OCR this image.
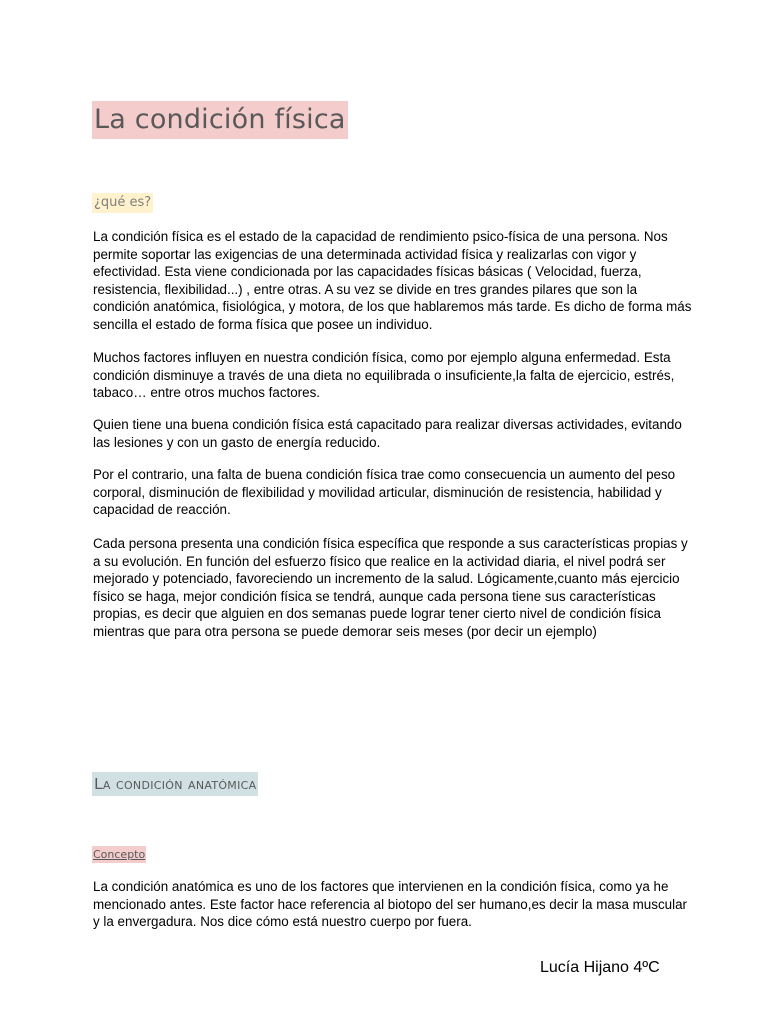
La condición física
¿qué es?

La condición física es el estado de la capacidad de rendimiento psico-física de una persona. Nos permite soportar las exigencias de una determinada actividad física y realizarlas con vigor y efectividad. Esta viene condicionada por las capacidades físicas básicas ( Velocidad, fuerza, resistencia, flexibilidad...) , entre otras. A su vez se divide en tres grandes pilares que son la condición anatómica, fisiológica, y motora, de los que hablaremos más tarde. Es dicho de forma más sencilla el estado de forma física que posee un individuo.

Muchos factores influyen en nuestra condición física, como por ejemplo alguna enfermedad. Esta condición disminuye a través de una dieta no equilibrada o insuficiente,la falta de ejercicio, estrés, tabaco… entre otros muchos factores.

Quien tiene una buena condición física está capacitado para realizar diversas actividades, evitando las lesiones y con un gasto de energía reducido.

Por el contrario, una falta de buena condición física trae como consecuencia un aumento del peso corporal, disminución de flexibilidad y movilidad articular, disminución de resistencia, habilidad y capacidad de reacción.

Cada persona presenta una condición física específica que responde a sus características propias y a su evolución. En función del esfuerzo físico que realice en la actividad diaria, el nivel podrá ser mejorado y potenciado, favoreciendo un incremento de la salud. Lógicamente,cuanto más ejercicio físico se haga, mejor condición física se tendrá, aunque cada persona tiene sus características propias, es decir que alguien en dos semanas puede lograr tener cierto nivel de condición física mientras que para otra persona se puede demorar seis meses (por decir un ejemplo)

La condición anatómica
Concepto

La condición anatómica es uno de los factores que intervienen en la condición física, como ya he mencionado antes. Este factor hace referencia al biotopo del ser humano,es decir la masa muscular y la envergadura. Nos dice cómo está nuestro cuerpo por fuera.

Lucía Hijano 4ºC
